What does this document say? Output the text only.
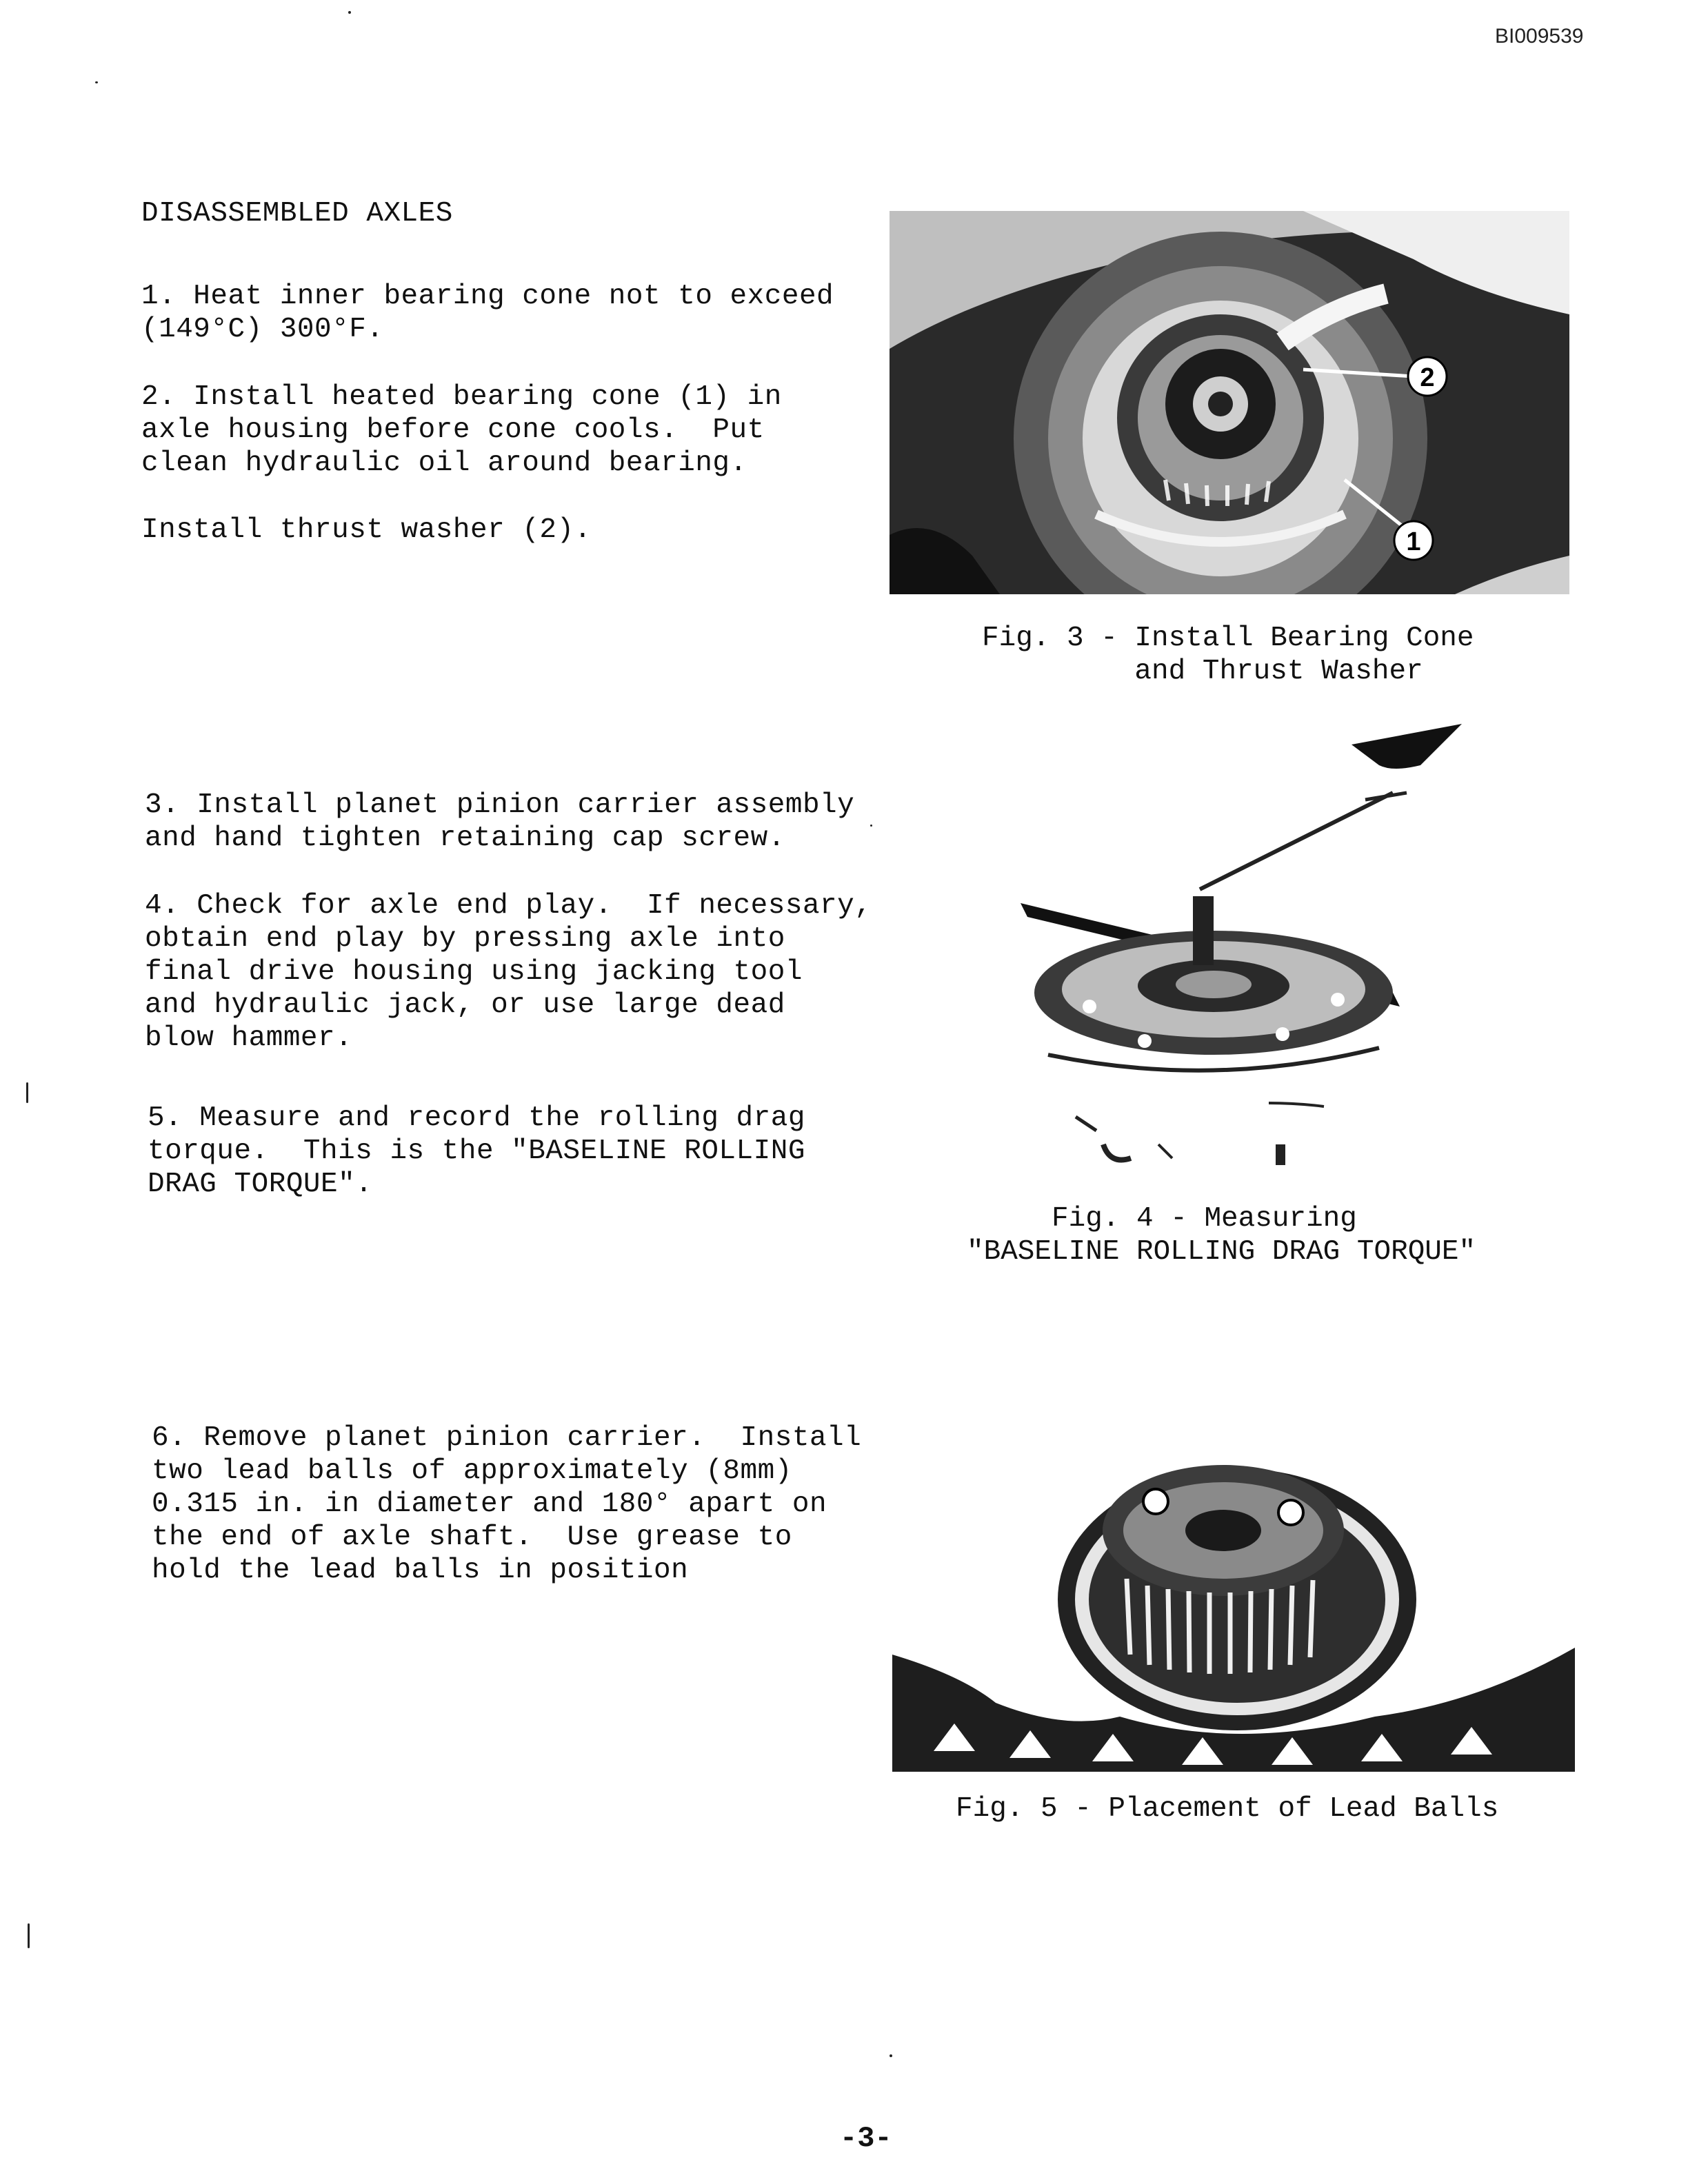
BI009539
DISASSEMBLED AXLES
1. Heat inner bearing cone not to exceed
(149°C) 300°F.
2. Install heated bearing cone (1) in
axle housing before cone cools.  Put
clean hydraulic oil around bearing.
Install thrust washer (2).
3. Install planet pinion carrier assembly
and hand tighten retaining cap screw.
4. Check for axle end play.  If necessary,
obtain end play by pressing axle into
final drive housing using jacking tool
and hydraulic jack, or use large dead
blow hammer.
5. Measure and record the rolling drag
torque.  This is the "BASELINE ROLLING
DRAG TORQUE".
6. Remove planet pinion carrier.  Install
two lead balls of approximately (8mm)
0.315 in. in diameter and 180° apart on
the end of axle shaft.  Use grease to
hold the lead balls in position
2
1
Fig. 3 - Install Bearing Cone
and Thrust Washer
Fig. 4 - Measuring
"BASELINE ROLLING DRAG TORQUE"
Fig. 5 - Placement of Lead Balls
-3-
